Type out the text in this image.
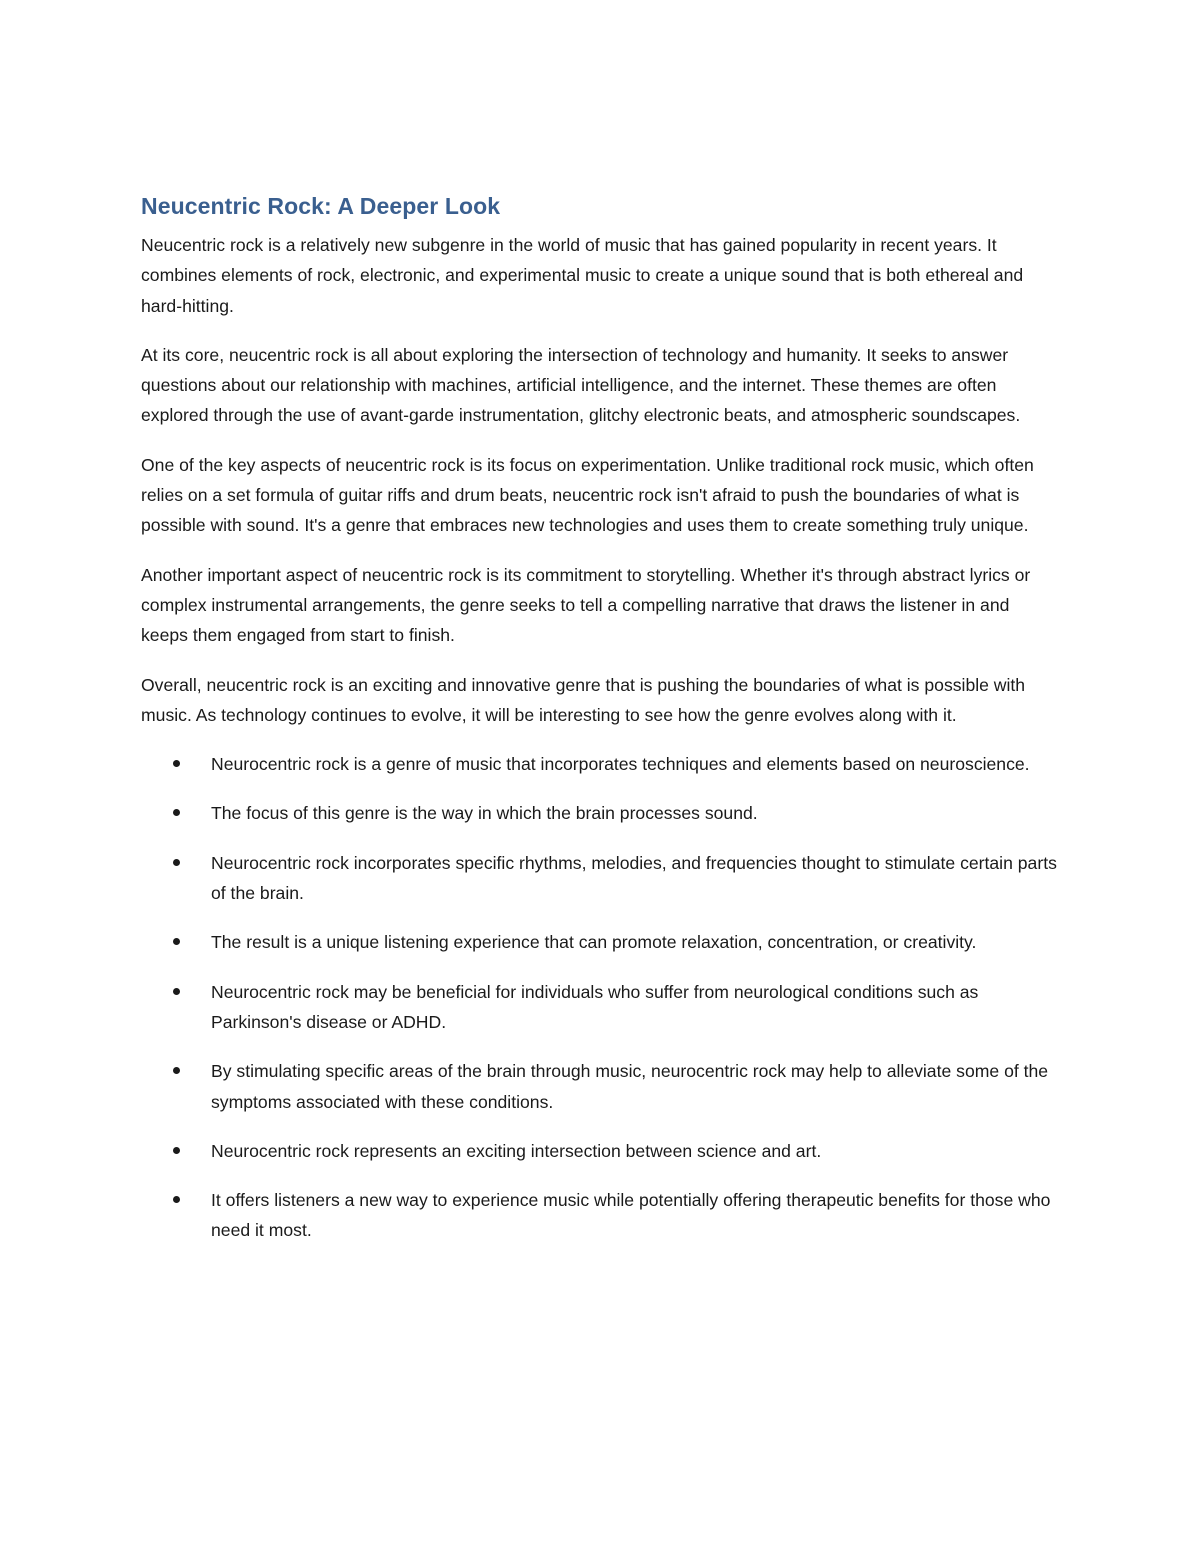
Neucentric Rock: A Deeper Look

Neucentric rock is a relatively new subgenre in the world of music that has gained popularity in recent years. It combines elements of rock, electronic, and experimental music to create a unique sound that is both ethereal and hard-hitting.

At its core, neucentric rock is all about exploring the intersection of technology and humanity. It seeks to answer questions about our relationship with machines, artificial intelligence, and the internet. These themes are often explored through the use of avant-garde instrumentation, glitchy electronic beats, and atmospheric soundscapes.

One of the key aspects of neucentric rock is its focus on experimentation. Unlike traditional rock music, which often relies on a set formula of guitar riffs and drum beats, neucentric rock isn't afraid to push the boundaries of what is possible with sound. It's a genre that embraces new technologies and uses them to create something truly unique.

Another important aspect of neucentric rock is its commitment to storytelling. Whether it's through abstract lyrics or complex instrumental arrangements, the genre seeks to tell a compelling narrative that draws the listener in and keeps them engaged from start to finish.

Overall, neucentric rock is an exciting and innovative genre that is pushing the boundaries of what is possible with music. As technology continues to evolve, it will be interesting to see how the genre evolves along with it.

Neurocentric rock is a genre of music that incorporates techniques and elements based on neuroscience.
The focus of this genre is the way in which the brain processes sound.
Neurocentric rock incorporates specific rhythms, melodies, and frequencies thought to stimulate certain parts of the brain.
The result is a unique listening experience that can promote relaxation, concentration, or creativity.
Neurocentric rock may be beneficial for individuals who suffer from neurological conditions such as Parkinson's disease or ADHD.
By stimulating specific areas of the brain through music, neurocentric rock may help to alleviate some of the symptoms associated with these conditions.
Neurocentric rock represents an exciting intersection between science and art.
It offers listeners a new way to experience music while potentially offering therapeutic benefits for those who need it most.
